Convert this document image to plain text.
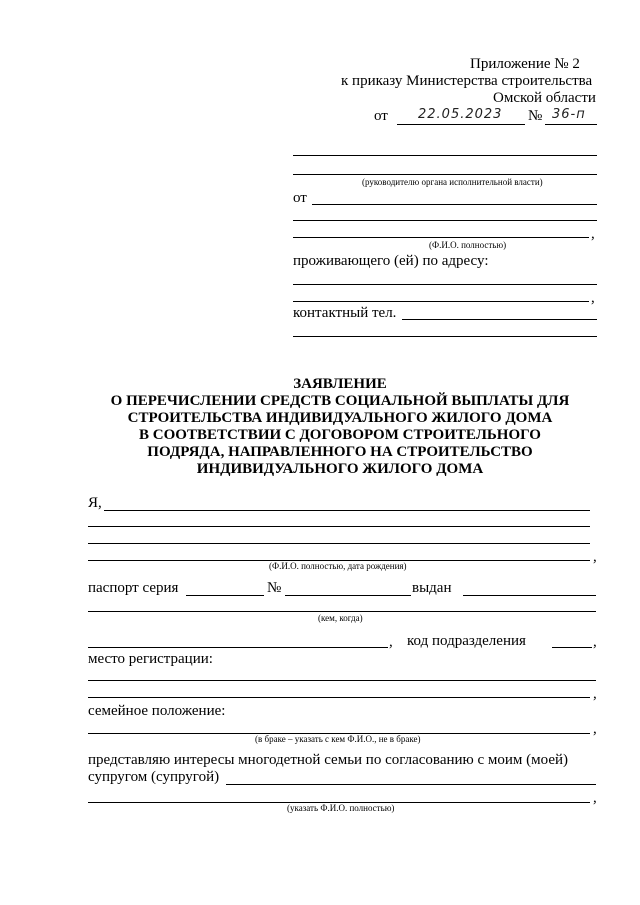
Приложение № 2
к приказу Министерства строительства
Омской области
от 22.05.2023 № 36-п
(руководителю органа исполнительной власти)
от
,
(Ф.И.О. полностью)
проживающего (ей) по адресу:
,
контактный тел.
ЗАЯВЛЕНИЕ
О ПЕРЕЧИСЛЕНИИ СРЕДСТВ СОЦИАЛЬНОЙ ВЫПЛАТЫ ДЛЯ
СТРОИТЕЛЬСТВА ИНДИВИДУАЛЬНОГО ЖИЛОГО ДОМА
В СООТВЕТСТВИИ С ДОГОВОРОМ СТРОИТЕЛЬНОГО
ПОДРЯДА, НАПРАВЛЕННОГО НА СТРОИТЕЛЬСТВО
ИНДИВИДУАЛЬНОГО ЖИЛОГО ДОМА
Я,
,
(Ф.И.О. полностью, дата рождения)
паспорт серия	№	выдан
(кем, когда)
, код подразделения	,
место регистрации:
,
семейное положение:
,
(в браке – указать с кем Ф.И.О., не в браке)
представляю интересы многодетной семьи по согласованию с моим (моей)
супругом (супругой)
,
(указать Ф.И.О. полностью)
